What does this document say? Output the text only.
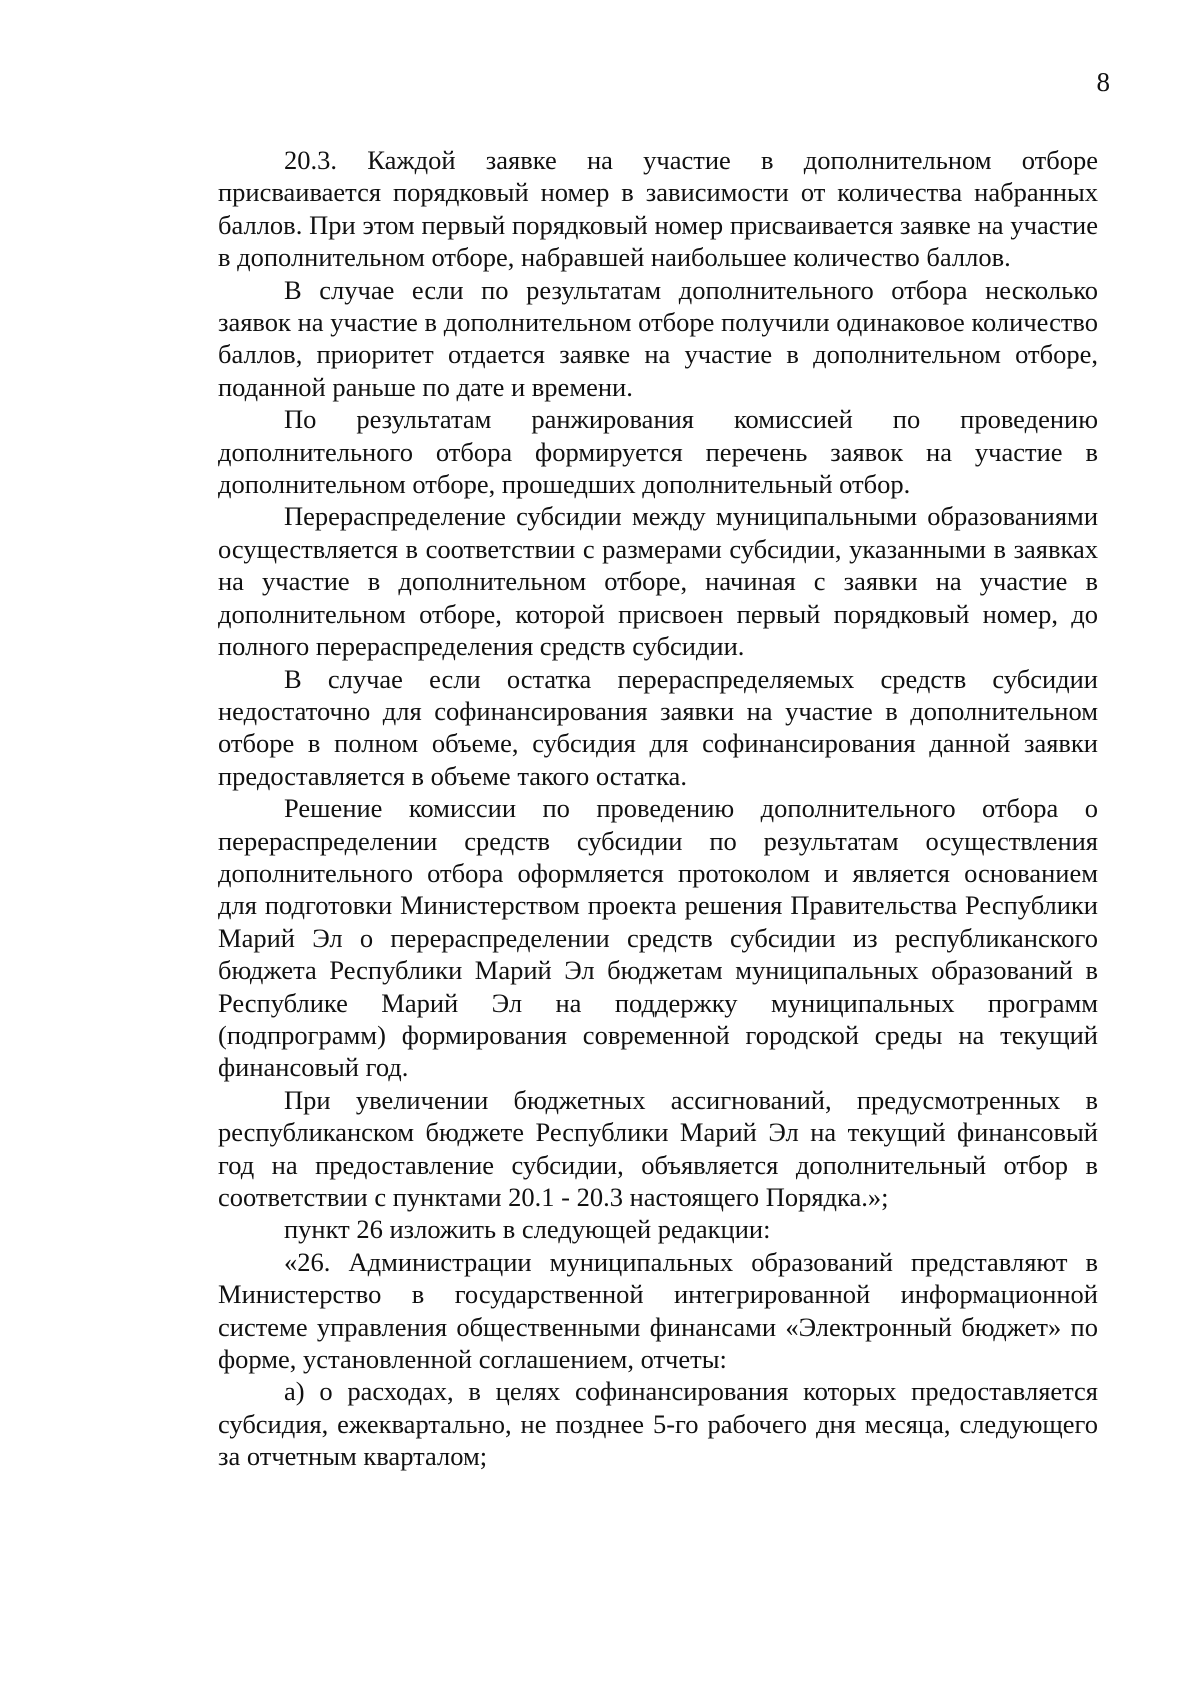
8

20.3. Каждой заявке на участие в дополнительном отборе присваивается порядковый номер в зависимости от количества набранных баллов. При этом первый порядковый номер присваивается заявке на участие в дополнительном отборе, набравшей наибольшее количество баллов.

В случае если по результатам дополнительного отбора несколько заявок на участие в дополнительном отборе получили одинаковое количество баллов, приоритет отдается заявке на участие в дополнительном отборе, поданной раньше по дате и времени.

По результатам ранжирования комиссией по проведению дополнительного отбора формируется перечень заявок на участие в дополнительном отборе, прошедших дополнительный отбор.

Перераспределение субсидии между муниципальными образованиями осуществляется в соответствии с размерами субсидии, указанными в заявках на участие в дополнительном отборе, начиная с заявки на участие в дополнительном отборе, которой присвоен первый порядковый номер, до полного перераспределения средств субсидии.

В случае если остатка перераспределяемых средств субсидии недостаточно для софинансирования заявки на участие в дополнительном отборе в полном объеме, субсидия для софинансирования данной заявки предоставляется в объеме такого остатка.

Решение комиссии по проведению дополнительного отбора о перераспределении средств субсидии по результатам осуществления дополнительного отбора оформляется протоколом и является основанием для подготовки Министерством проекта решения Правительства Республики Марий Эл о перераспределении средств субсидии из республиканского бюджета Республики Марий Эл бюджетам муниципальных образований в Республике Марий Эл на поддержку муниципальных программ (подпрограмм) формирования современной городской среды на текущий финансовый год.

При увеличении бюджетных ассигнований, предусмотренных в республиканском бюджете Республики Марий Эл на текущий финансовый год на предоставление субсидии, объявляется дополнительный отбор в соответствии с пунктами 20.1 - 20.3 настоящего Порядка.»;

пункт 26 изложить в следующей редакции:

«26. Администрации муниципальных образований представляют в Министерство в государственной интегрированной информационной системе управления общественными финансами «Электронный бюджет» по форме, установленной соглашением, отчеты:

а) о расходах, в целях софинансирования которых предоставляется субсидия, ежеквартально, не позднее 5-го рабочего дня месяца, следующего за отчетным кварталом;
